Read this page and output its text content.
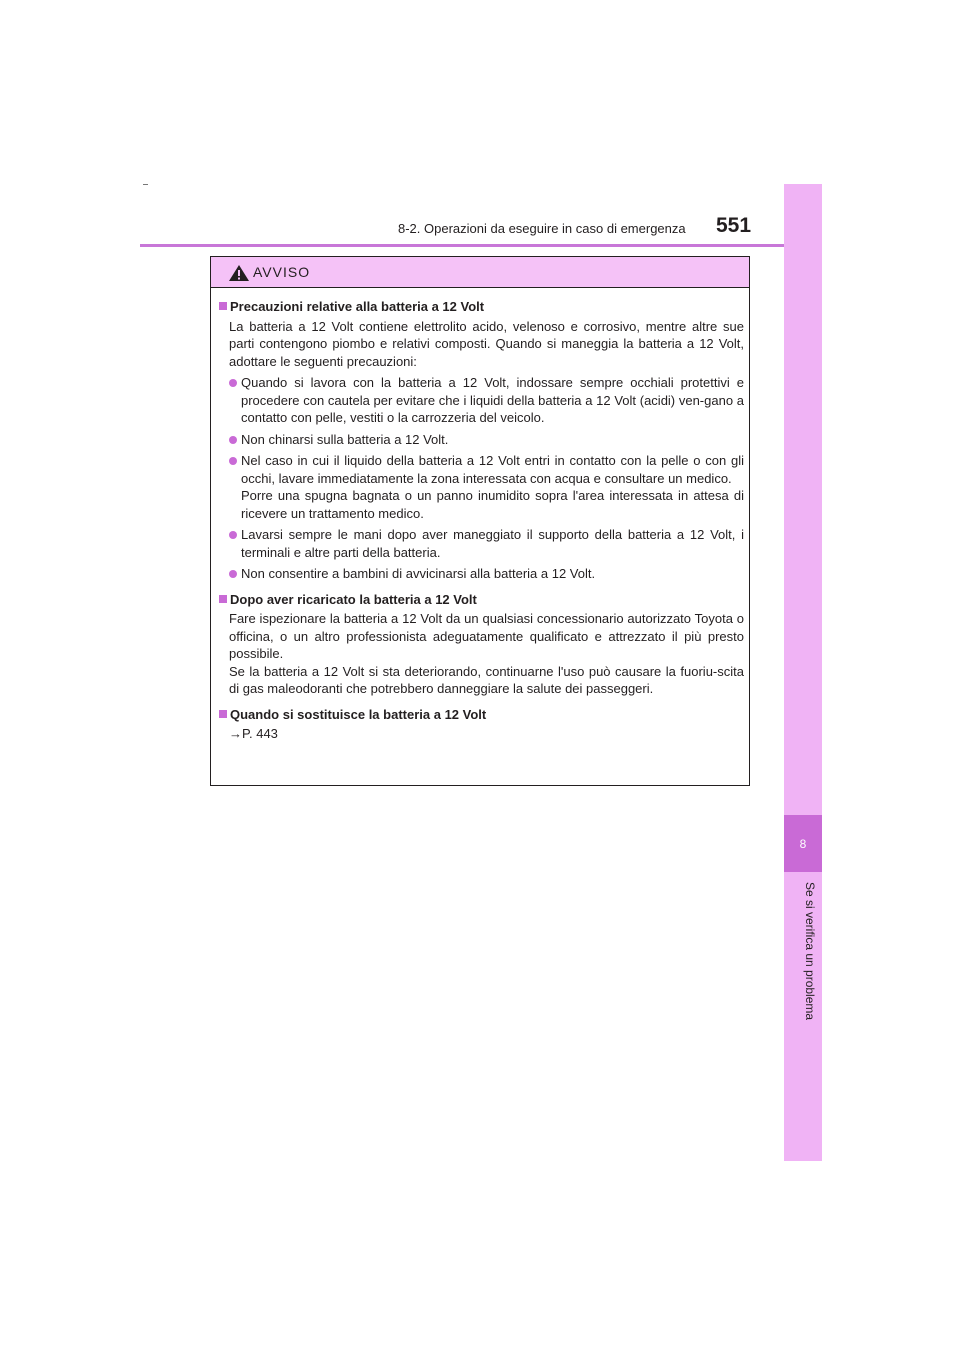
8-2. Operazioni da eseguire in caso di emergenza 551
8
Se si verifica un problema
AVVISO
Precauzioni relative alla batteria a 12 Volt
La batteria a 12 Volt contiene elettrolito acido, velenoso e corrosivo, mentre altre sue parti contengono piombo e relativi composti. Quando si maneggia la batteria a 12 Volt, adottare le seguenti precauzioni:
Quando si lavora con la batteria a 12 Volt, indossare sempre occhiali protettivi e procedere con cautela per evitare che i liquidi della batteria a 12 Volt (acidi) ven-gano a contatto con pelle, vestiti o la carrozzeria del veicolo.
Non chinarsi sulla batteria a 12 Volt.
Nel caso in cui il liquido della batteria a 12 Volt entri in contatto con la pelle o con gli occhi, lavare immediatamente la zona interessata con acqua e consultare un medico.
Porre una spugna bagnata o un panno inumidito sopra l'area interessata in attesa di ricevere un trattamento medico.
Lavarsi sempre le mani dopo aver maneggiato il supporto della batteria a 12 Volt, i terminali e altre parti della batteria.
Non consentire a bambini di avvicinarsi alla batteria a 12 Volt.
Dopo aver ricaricato la batteria a 12 Volt
Fare ispezionare la batteria a 12 Volt da un qualsiasi concessionario autorizzato Toyota o officina, o un altro professionista adeguatamente qualificato e attrezzato il più presto possibile.
Se la batteria a 12 Volt si sta deteriorando, continuarne l'uso può causare la fuoriu-scita di gas maleodoranti che potrebbero danneggiare la salute dei passeggeri.
Quando si sostituisce la batteria a 12 Volt
→P. 443
